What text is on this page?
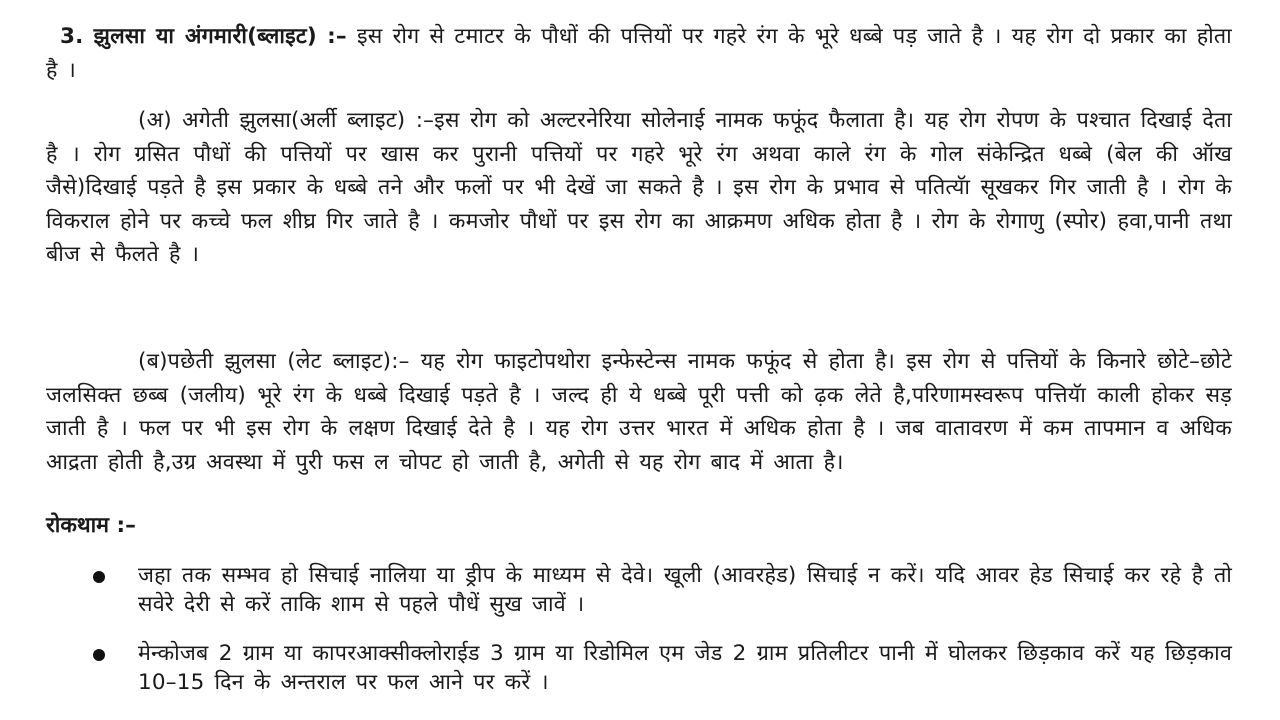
3. झुलसा या अंगमारी(ब्लाइट) :– इस रोग से टमाटर के पौधों की पत्तियों पर गहरे रंग के भूरे धब्बे पड़ जाते है । यह रोग दो प्रकार का होता है ।

(अ) अगेती झुलसा(अर्ली ब्लाइट) :–इस रोग को अल्टरनेरिया सोलेनाई नामक फफूंद फैलाता है। यह रोग रोपण के पश्चात दिखाई देता है । रोग ग्रसित पौधों की पत्तियों पर खास कर पुरानी पत्तियों पर गहरे भूरे रंग अथवा काले रंग के गोल संकेन्द्रित धब्बे (बेल की ऑख जैसे)दिखाई पड़ते है इस प्रकार के धब्बे तने और फलों पर भी देखें जा सकते है । इस रोग के प्रभाव से पतित्यॅा सूखकर गिर जाती है । रोग के विकराल होने पर कच्चे फल शीघ्र गिर जाते है । कमजोर पौधों पर इस रोग का आक्रमण अधिक होता है । रोग के रोगाणु (स्पोर) हवा,पानी तथा बीज से फैलते है ।

(ब)पछेती झुलसा (लेट ब्लाइट):– यह रोग फाइटोपथोरा इन्फेस्टेन्स नामक फफूंद से होता है। इस रोग से पत्तियों के किनारे छोटे–छोटे जलसिक्त छब्ब (जलीय) भूरे रंग के धब्बे दिखाई पड़ते है । जल्द ही ये धब्बे पूरी पत्ती को ढ़क लेते है,परिणामस्वरूप पत्तियॅा काली होकर सड़ जाती है । फल पर भी इस रोग के लक्षण दिखाई देते है । यह रोग उत्तर भारत में अधिक होता है । जब वातावरण में कम तापमान व अधिक आद्रता होती है,उग्र अवस्था में पुरी फस ल चोपट हो जाती है, अगेती से यह रोग बाद में आता है।

रोकथाम :–

जहा तक सम्भव हो सिचाई नालिया या ड्रीप के माध्यम से देवे। खूली (आवरहेड) सिचाई न करें। यदि आवर हेड सिचाई कर रहे है तो सवेरे देरी से करें ताकि शाम से पहले पौधें सुख जावें ।

मेन्कोजब 2 ग्राम या कापरआक्सीक्लोराईड 3 ग्राम या रिडोमिल एम जेड 2 ग्राम प्रतिलीटर पानी में घोलकर छिड़काव करें यह छिड़काव 10–15 दिन के अन्तराल पर फल आने पर करें ।
